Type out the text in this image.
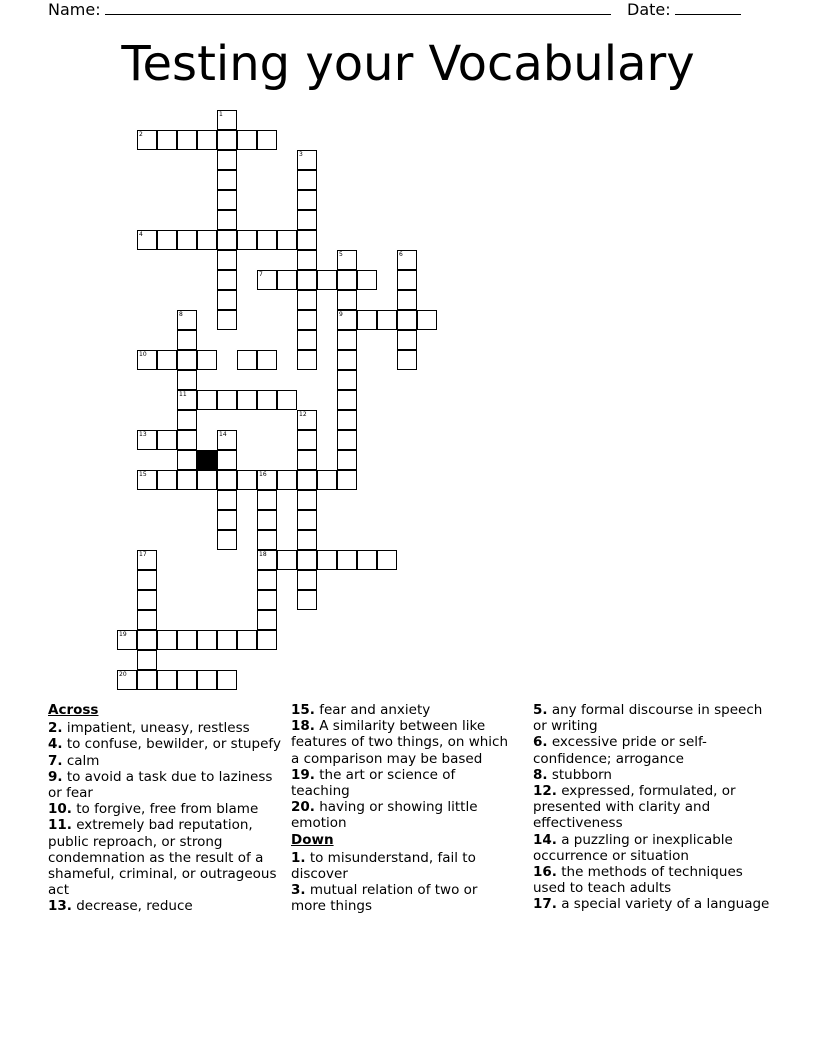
Name:	Date:
Testing your Vocabulary
1
2
3
4
5
9
6
7
8
11
10
12
13	14
15	16
18
17
19
20
Across
2. impatient, uneasy, restless
4. to confuse, bewilder, or stupefy
7. calm
9. to avoid a task due to laziness or fear
10. to forgive, free from blame
11. extremely bad reputation, public reproach, or strong condemnation as the result of a shameful, criminal, or outrageous act
13. decrease, reduce
15. fear and anxiety
18. A similarity between like features of two things, on which a comparison may be based
19. the art or science of teaching
20. having or showing little emotion
Down
1. to misunderstand, fail to discover
3. mutual relation of two or more things
5. any formal discourse in speech or writing
6. excessive pride or self-confidence; arrogance
8. stubborn
12. expressed, formulated, or presented with clarity and effectiveness
14. a puzzling or inexplicable occurrence or situation
16. the methods of techniques used to teach adults
17. a special variety of a language
